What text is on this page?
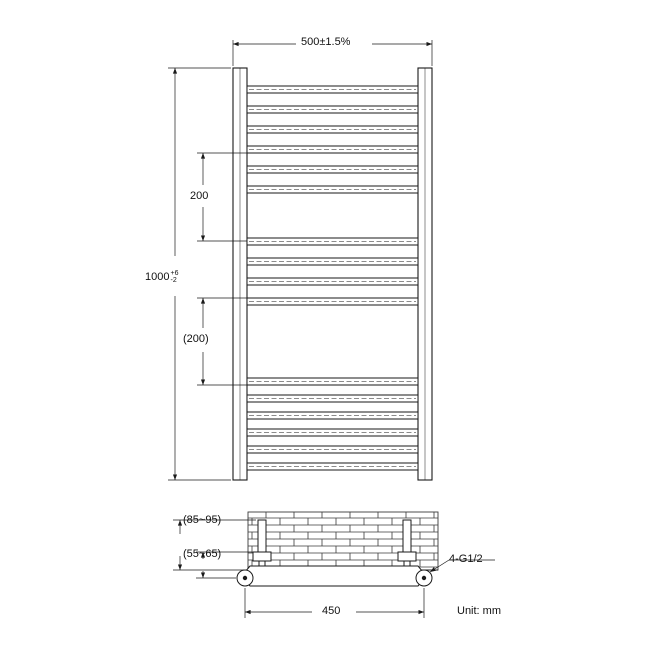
500±1.5%
1000+6
-2
200
(200)
(85~95)
(55~65)
450
4-G1/2
Unit: mm
